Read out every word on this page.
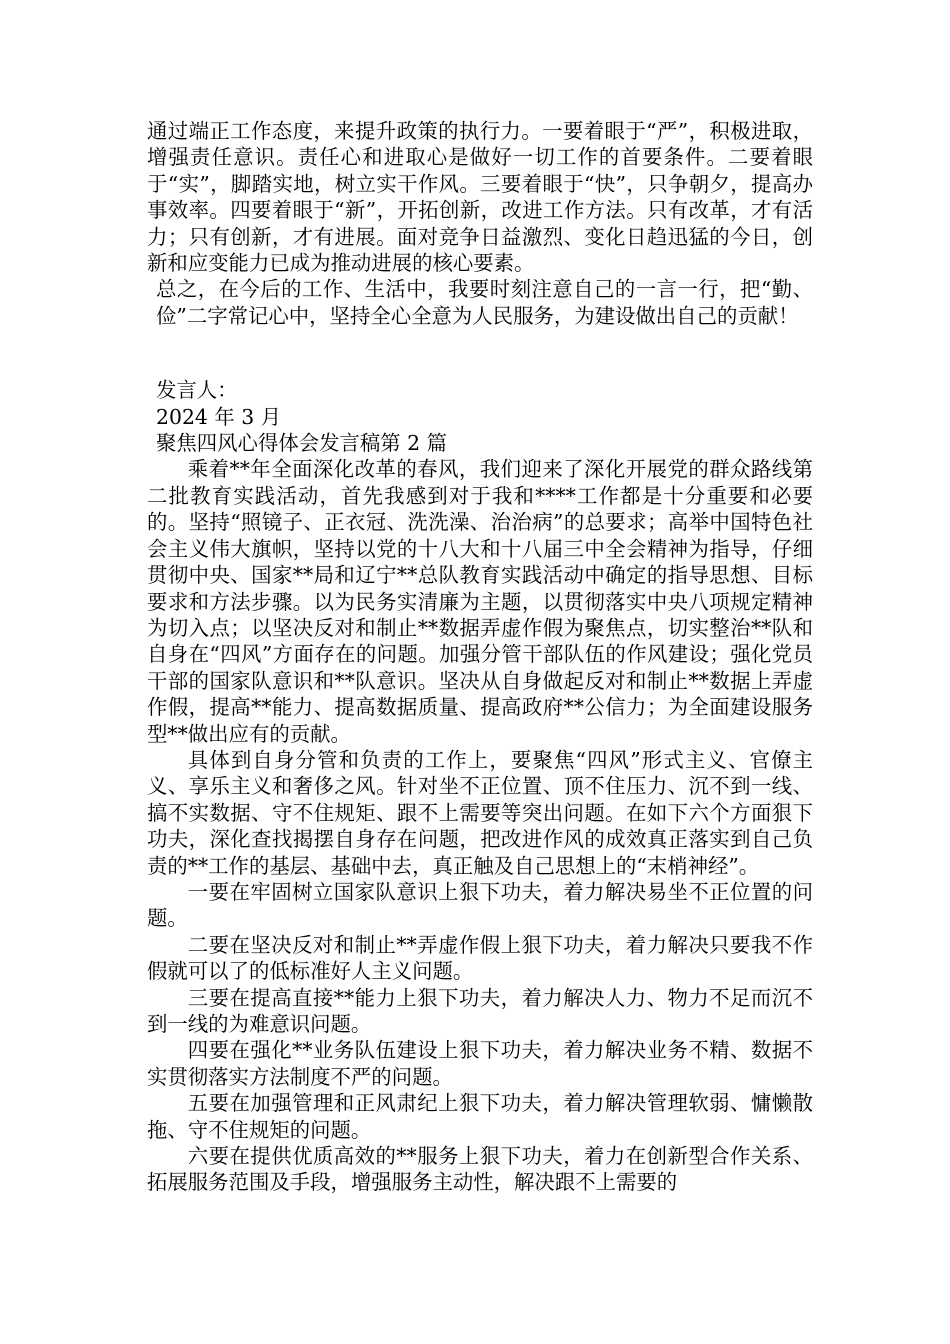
通过端正工作态度，来提升政策的执行力。一要着眼于“严”，积极进取，增强责任意识。责任心和进取心是做好一切工作的首要条件。二要着眼于“实”，脚踏实地，树立实干作风。三要着眼于“快”，只争朝夕，提高办事效率。四要着眼于“新”，开拓创新，改进工作方法。只有改革，才有活力；只有创新，才有进展。面对竞争日益激烈、变化日趋迅猛的今日，创新和应变能力已成为推动进展的核心要素。

总之，在今后的工作、生活中，我要时刻注意自己的一言一行，把“勤、俭”二字常记心中，坚持全心全意为人民服务，为建设做出自己的贡献！

发言人：

2024 年 3 月

聚焦四风心得体会发言稿第 2 篇

乘着**年全面深化改革的春风，我们迎来了深化开展党的群众路线第二批教育实践活动，首先我感到对于我和****工作都是十分重要和必要的。坚持“照镜子、正衣冠、洗洗澡、治治病”的总要求；高举中国特色社会主义伟大旗帜，坚持以党的十八大和十八届三中全会精神为指导，仔细贯彻中央、国家**局和辽宁**总队教育实践活动中确定的指导思想、目标要求和方法步骤。以为民务实清廉为主题，以贯彻落实中央八项规定精神为切入点；以坚决反对和制止**数据弄虚作假为聚焦点，切实整治**队和自身在“四风”方面存在的问题。加强分管干部队伍的作风建设；强化党员干部的国家队意识和**队意识。坚决从自身做起反对和制止**数据上弄虚作假，提高**能力、提高数据质量、提高政府**公信力；为全面建设服务型**做出应有的贡献。

具体到自身分管和负责的工作上，要聚焦“四风”形式主义、官僚主义、享乐主义和奢侈之风。针对坐不正位置、顶不住压力、沉不到一线、搞不实数据、守不住规矩、跟不上需要等突出问题。在如下六个方面狠下功夫，深化查找揭摆自身存在问题，把改进作风的成效真正落实到自己负责的**工作的基层、基础中去，真正触及自己思想上的“末梢神经”。

一要在牢固树立国家队意识上狠下功夫，着力解决易坐不正位置的问题。

二要在坚决反对和制止**弄虚作假上狠下功夫，着力解决只要我不作假就可以了的低标准好人主义问题。

三要在提高直接**能力上狠下功夫，着力解决人力、物力不足而沉不到一线的为难意识问题。

四要在强化**业务队伍建设上狠下功夫，着力解决业务不精、数据不实贯彻落实方法制度不严的问题。

五要在加强管理和正风肃纪上狠下功夫，着力解决管理软弱、慵懒散拖、守不住规矩的问题。

六要在提供优质高效的**服务上狠下功夫，着力在创新型合作关系、拓展服务范围及手段，增强服务主动性，解决跟不上需要的
